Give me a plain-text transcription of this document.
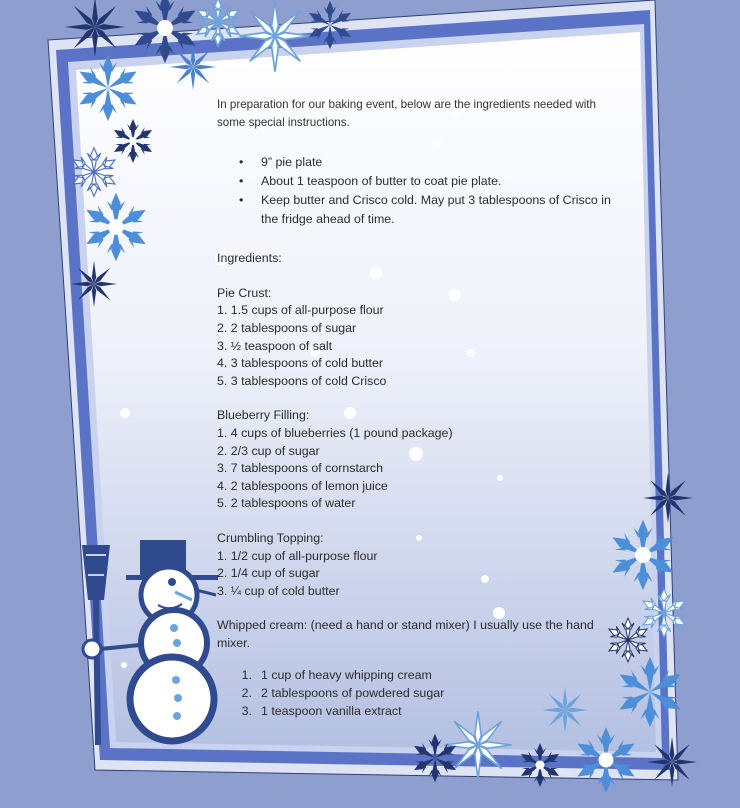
In preparation for our baking event, below are the ingredients needed with some special instructions.

• 9” pie plate
• About 1 teaspoon of butter to coat pie plate.
• Keep butter and Crisco cold. May put 3 tablespoons of Crisco in the fridge ahead of time.

Ingredients:

Pie Crust:

1. 1.5 cups of all-purpose flour

2. 2 tablespoons of sugar

3. ½ teaspoon of salt

4. 3 tablespoons of cold butter

5. 3 tablespoons of cold Crisco

Blueberry Filling:

1. 4 cups of blueberries (1 pound package)

2. 2/3 cup of sugar

3. 7 tablespoons of cornstarch

4. 2 tablespoons of lemon juice

5. 2 tablespoons of water

Crumbling Topping:

1. 1/2 cup of all-purpose flour

2. 1/4 cup of sugar

3. ¼ cup of cold butter

Whipped cream: (need a hand or stand mixer) I usually use the hand mixer.

1. 1 cup of heavy whipping cream
2. 2 tablespoons of powdered sugar
3. 1 teaspoon vanilla extract
